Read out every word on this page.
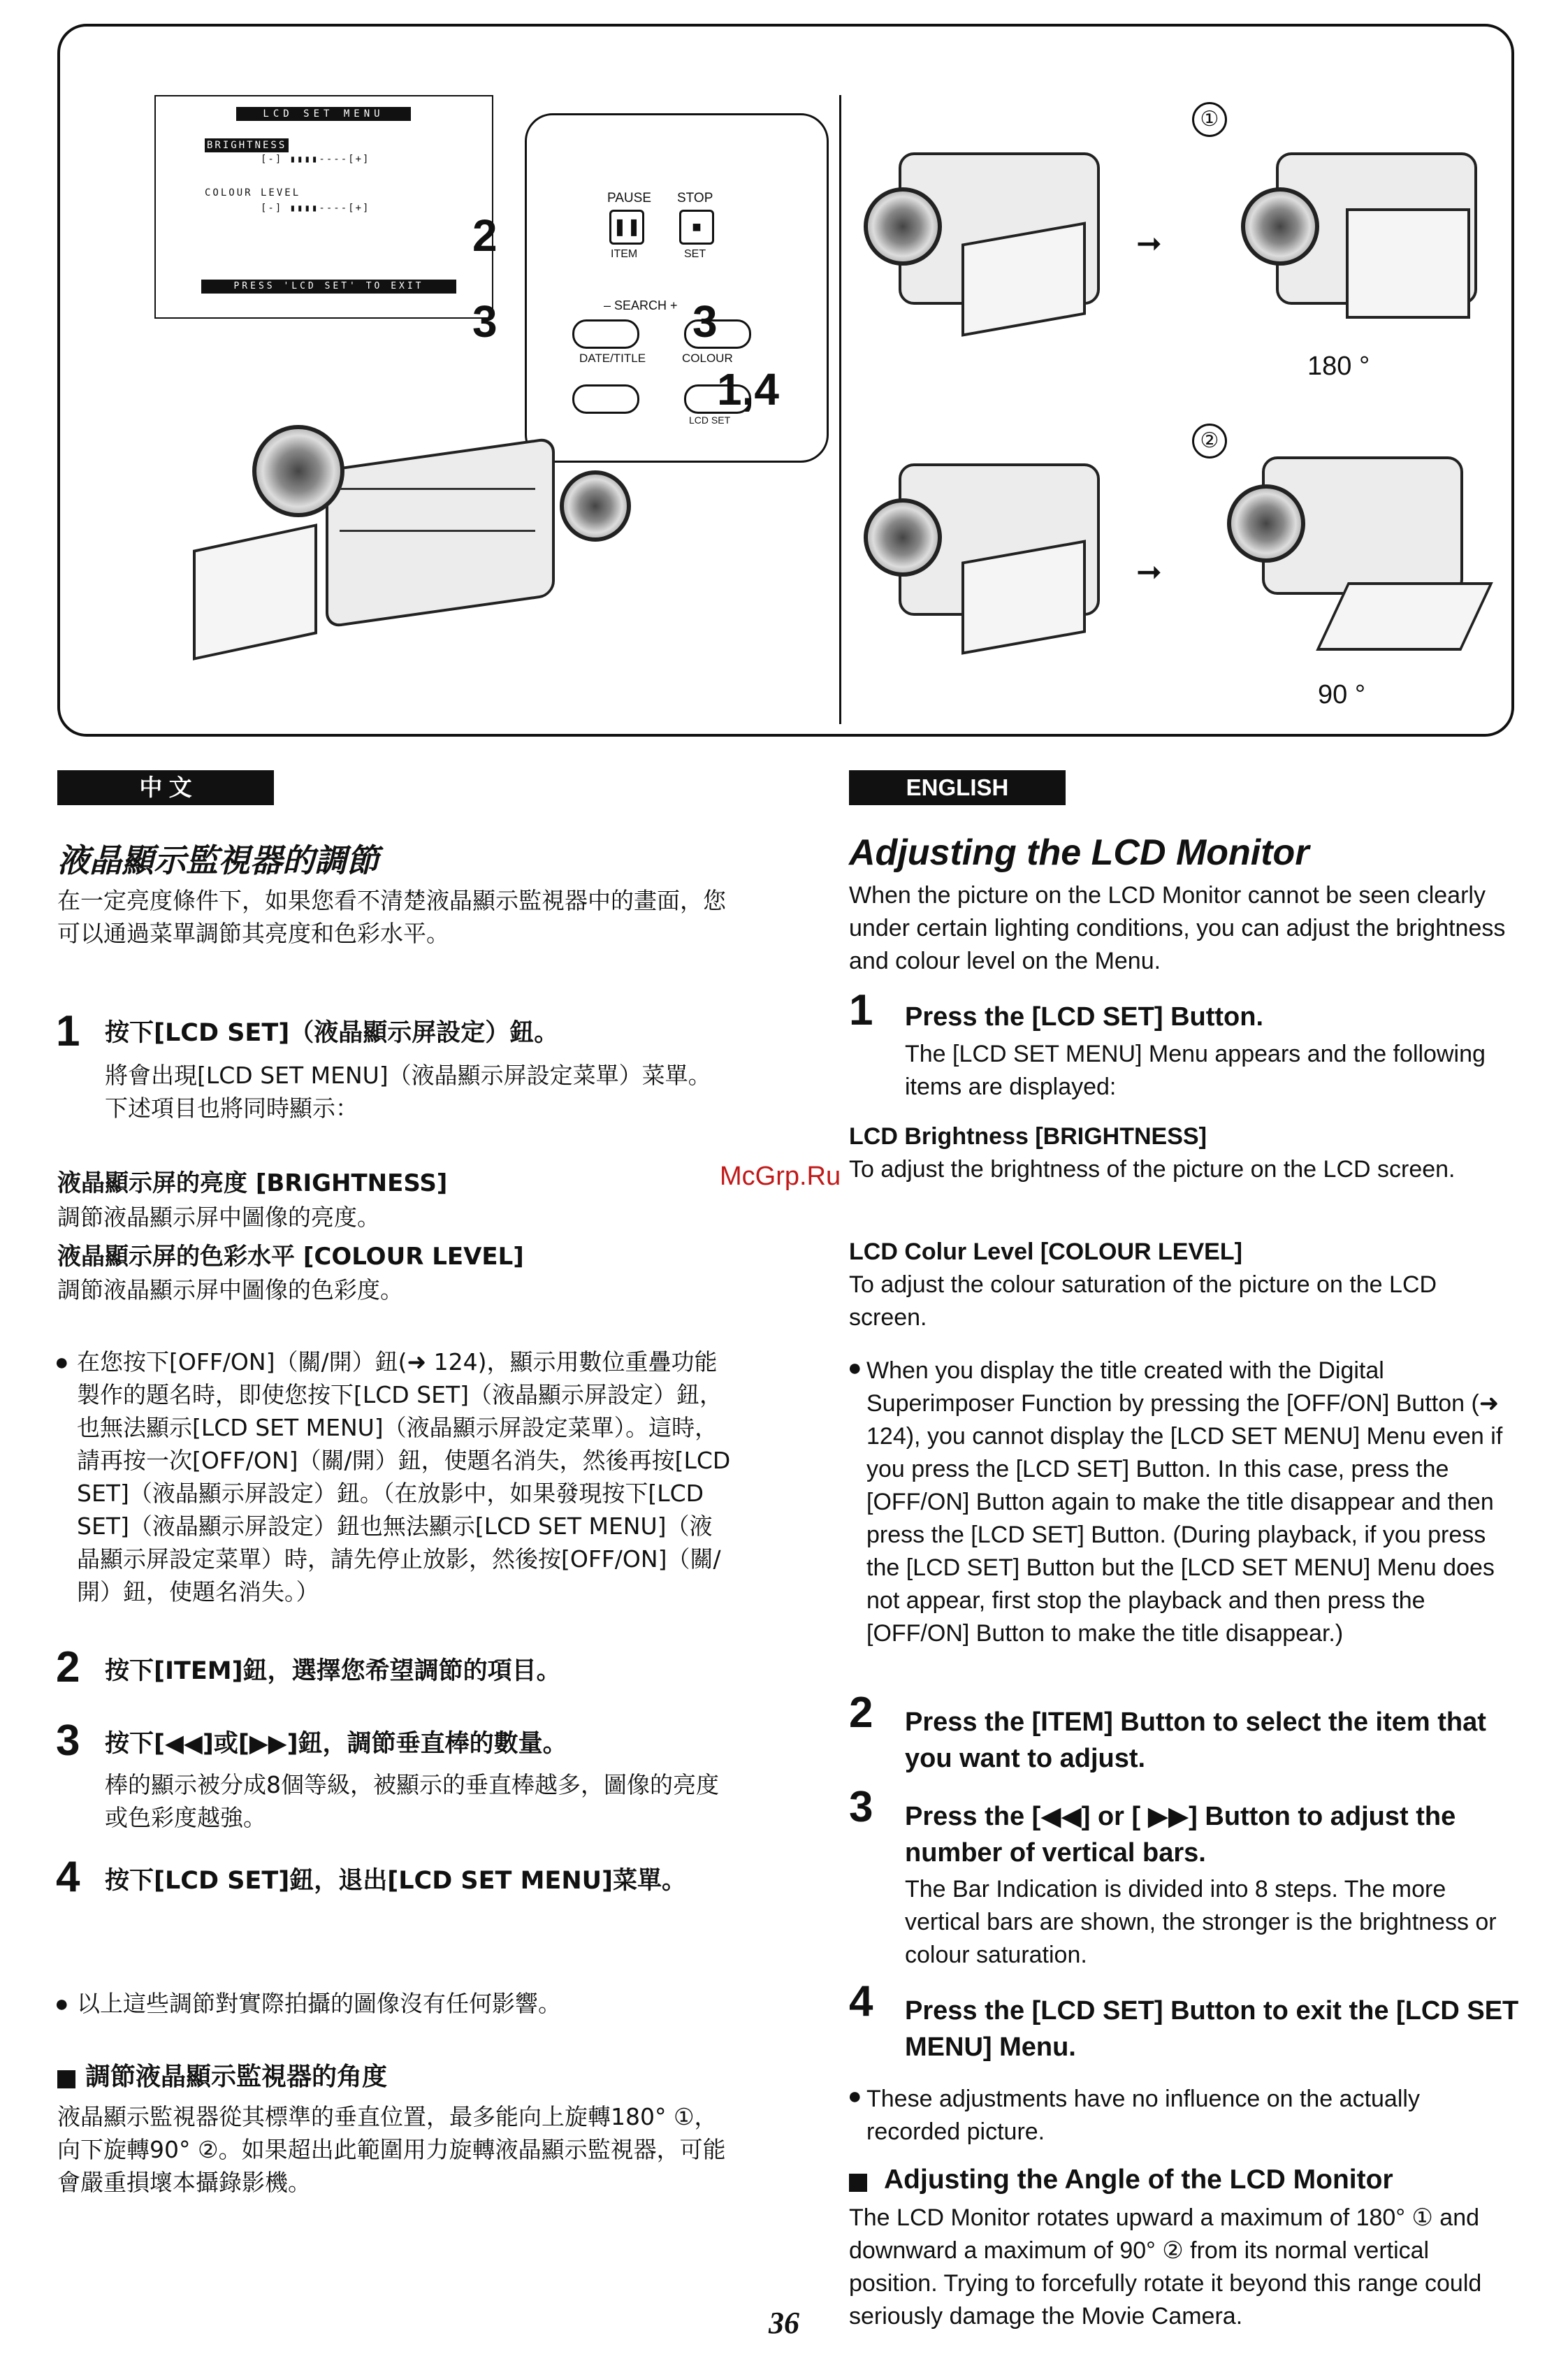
LCD SET MENU
BRIGHTNESS
[-] ▮▮▮▮----[+]
COLOUR LEVEL
[-] ▮▮▮▮----[+]
PRESS 'LCD SET' TO EXIT
PAUSE STOP
❚❚	■
ITEM	SET
– SEARCH +
DATE/TITLE	COLOUR
LCD SET
2
3	3
1,4
➞
①
180 °
➞
②
90 °
中 文
液晶顯示監視器的調節
在一定亮度條件下，如果您看不清楚液晶顯示監視器中的畫面，您可以通過菜單調節其亮度和色彩水平。
1 按下[LCD SET]（液晶顯示屏設定）鈕。
將會出現[LCD SET MENU]（液晶顯示屏設定菜單）菜單。下述項目也將同時顯示：
液晶顯示屏的亮度 [BRIGHTNESS]
調節液晶顯示屏中圖像的亮度。
液晶顯示屏的色彩水平 [COLOUR LEVEL]
調節液晶顯示屏中圖像的色彩度。
● 在您按下[OFF/ON]（關/開）鈕(➜ 124)，顯示用數位重疊功能製作的題名時，即使您按下[LCD SET]（液晶顯示屏設定）鈕，也無法顯示[LCD SET MENU]（液晶顯示屏設定菜單）。這時，請再按一次[OFF/ON]（關/開）鈕，使題名消失，然後再按[LCD SET]（液晶顯示屏設定）鈕。（在放影中，如果發現按下[LCD SET]（液晶顯示屏設定）鈕也無法顯示[LCD SET MENU]（液晶顯示屏設定菜單）時，請先停止放影，然後按[OFF/ON]（關/開）鈕，使題名消失。）
2 按下[ITEM]鈕，選擇您希望調節的項目。
3 按下[◀◀]或[▶▶]鈕，調節垂直棒的數量。
棒的顯示被分成8個等級，被顯示的垂直棒越多，圖像的亮度或色彩度越強。
4 按下[LCD SET]鈕，退出[LCD SET MENU]菜單。
● 以上這些調節對實際拍攝的圖像沒有任何影響。
調節液晶顯示監視器的角度
液晶顯示監視器從其標準的垂直位置，最多能向上旋轉180° ①，向下旋轉90° ②。如果超出此範圍用力旋轉液晶顯示監視器，可能會嚴重損壞本攝錄影機。
ENGLISH
Adjusting the LCD Monitor
When the picture on the LCD Monitor cannot be seen clearly under certain lighting conditions, you can adjust the brightness and colour level on the Menu.
1 Press the [LCD SET] Button.
The [LCD SET MENU] Menu appears and the following items are displayed:
LCD Brightness [BRIGHTNESS]
To adjust the brightness of the picture on the LCD screen.
LCD Colur Level [COLOUR LEVEL]
To adjust the colour saturation of the picture on the LCD screen.
● When you display the title created with the Digital Superimposer Function by pressing the [OFF/ON] Button (➜ 124), you cannot display the [LCD SET MENU] Menu even if you press the [LCD SET] Button. In this case, press the [OFF/ON] Button again to make the title disappear and then press the [LCD SET] Button. (During playback, if you press the [LCD SET] Button but the [LCD SET MENU] Menu does not appear, first stop the playback and then press the [OFF/ON] Button to make the title disappear.)
2 Press the [ITEM] Button to select the item that you want to adjust.
3 Press the [◀◀] or [ ▶▶] Button to adjust the number of vertical bars.
The Bar Indication is divided into 8 steps. The more vertical bars are shown, the stronger is the brightness or colour saturation.
4 Press the [LCD SET] Button to exit the [LCD SET MENU] Menu.
● These adjustments have no influence on the actually recorded picture.
Adjusting the Angle of the LCD Monitor
The LCD Monitor rotates upward a maximum of 180° ① and downward a maximum of 90° ② from its normal vertical position. Trying to forcefully rotate it beyond this range could seriously damage the Movie Camera.
McGrp.Ru
36
